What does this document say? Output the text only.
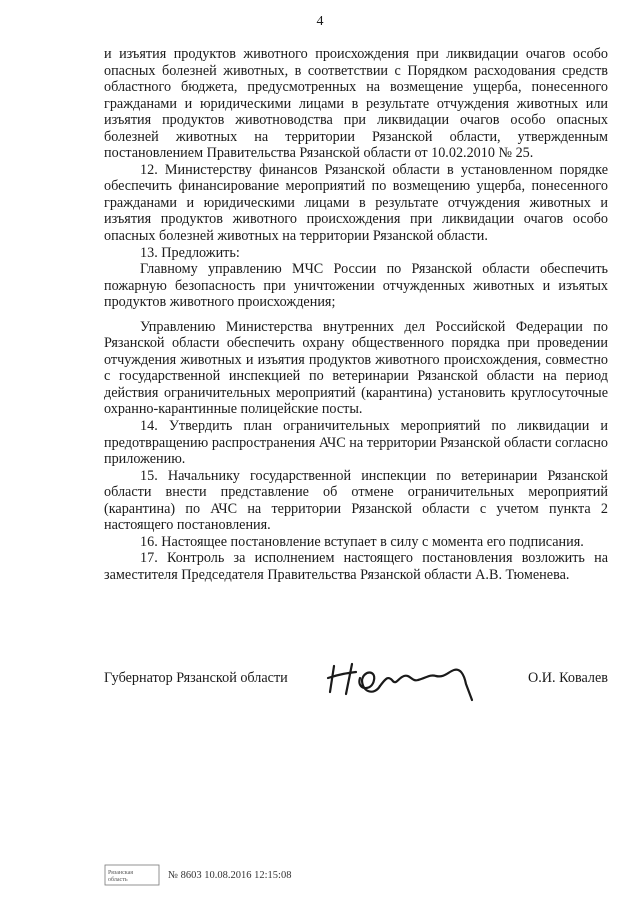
4

и изъятия продуктов животного происхождения при ликвидации очагов особо опасных болезней животных, в соответствии с Порядком расходования средств областного бюджета, предусмотренных на возмещение ущерба, понесенного гражданами и юридическими лицами в результате отчуждения животных или изъятия продуктов животноводства при ликвидации очагов особо опасных болезней животных на территории Рязанской области, утвержденным постановлением Правительства Рязанской области от 10.02.2010 № 25.

12. Министерству финансов Рязанской области в установленном порядке обеспечить финансирование мероприятий по возмещению ущерба, понесенного гражданами и юридическими лицами в результате отчуждения животных и изъятия продуктов животного происхождения при ликвидации очагов особо опасных болезней животных на территории Рязанской области.

13. Предложить:

Главному управлению МЧС России по Рязанской области обеспечить пожарную безопасность при уничтожении отчужденных животных и изъятых продуктов животного происхождения;

Управлению Министерства внутренних дел Российской Федерации по Рязанской области обеспечить охрану общественного порядка при проведении отчуждения животных и изъятия продуктов животного происхождения, совместно с государственной инспекцией по ветеринарии Рязанской области на период действия ограничительных мероприятий (карантина) установить круглосуточные охранно-карантинные полицейские посты.

14. Утвердить план ограничительных мероприятий по ликвидации и предотвращению распространения АЧС на территории Рязанской области согласно приложению.

15. Начальнику государственной инспекции по ветеринарии Рязанской области внести представление об отмене ограничительных мероприятий (карантина) по АЧС на территории Рязанской области с учетом пункта 2 настоящего постановления.

16. Настоящее постановление вступает в силу с момента его подписания.

17. Контроль за исполнением настоящего постановления возложить на заместителя Председателя Правительства Рязанской области А.В. Тюменева.

Губернатор Рязанской области	О.И. Ковалев
Рязанская
область	№ 8603 10.08.2016 12:15:08
